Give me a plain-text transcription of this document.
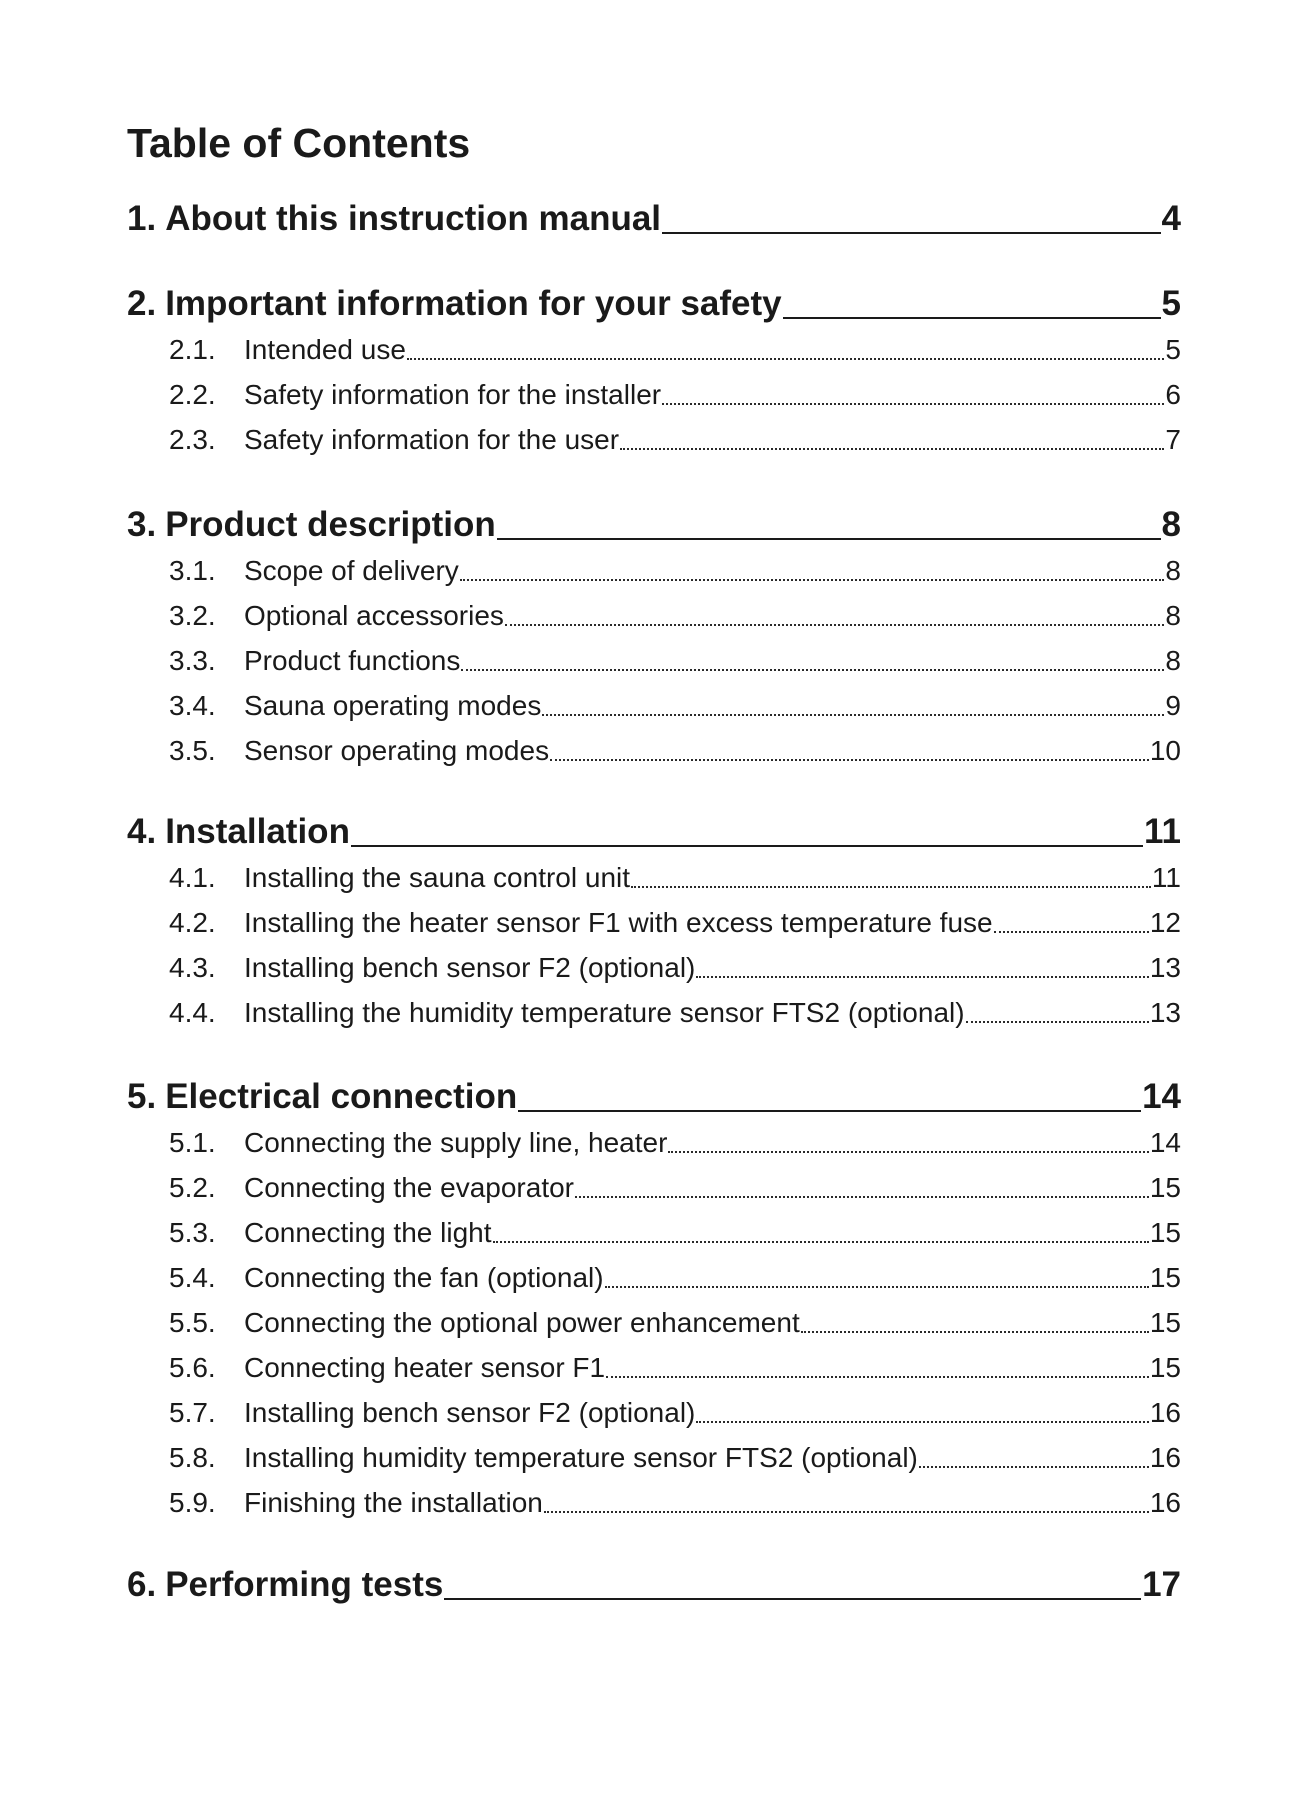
Table of Contents
1. About this instruction manual	4
2. Important information for your safety	5
2.1.	Intended use	5
2.2.	Safety information for the installer	6
2.3.	Safety information for the user	7
3. Product description	8
3.1.	Scope of delivery	8
3.2.	Optional accessories	8
3.3.	Product functions	8
3.4.	Sauna operating modes	9
3.5.	Sensor operating modes	10
4. Installation	11
4.1.	Installing the sauna control unit	11
4.2.	Installing the heater sensor F1 with excess temperature fuse	12
4.3.	Installing bench sensor F2 (optional)	13
4.4.	Installing the humidity temperature sensor FTS2 (optional)	13
5. Electrical connection	14
5.1.	Connecting the supply line, heater	14
5.2.	Connecting the evaporator	15
5.3.	Connecting the light	15
5.4.	Connecting the fan (optional)	15
5.5.	Connecting the optional power enhancement	15
5.6.	Connecting heater sensor F1	15
5.7.	Installing bench sensor F2 (optional)	16
5.8.	Installing humidity temperature sensor FTS2 (optional)	16
5.9.	Finishing the installation	16
6. Performing tests	17
